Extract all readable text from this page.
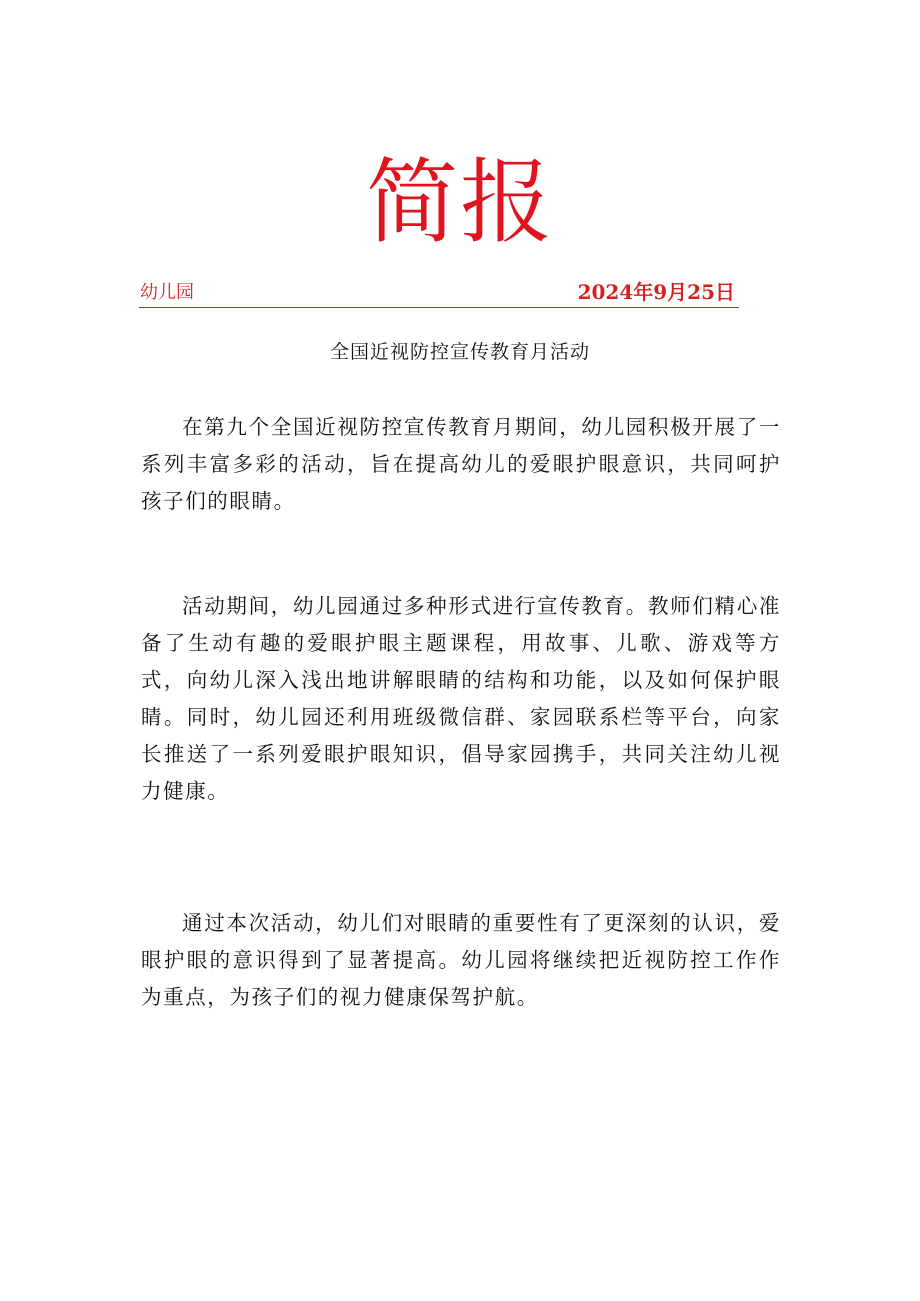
简报
幼儿园	2024年9月25日
全国近视防控宣传教育月活动

在第九个全国近视防控宣传教育月期间，幼儿园积极开展了一系列丰富多彩的活动，旨在提高幼儿的爱眼护眼意识，共同呵护孩子们的眼睛。

活动期间，幼儿园通过多种形式进行宣传教育。教师们精心准备了生动有趣的爱眼护眼主题课程，用故事、儿歌、游戏等方式，向幼儿深入浅出地讲解眼睛的结构和功能，以及如何保护眼睛。同时，幼儿园还利用班级微信群、家园联系栏等平台，向家长推送了一系列爱眼护眼知识，倡导家园携手，共同关注幼儿视力健康。

通过本次活动，幼儿们对眼睛的重要性有了更深刻的认识，爱眼护眼的意识得到了显著提高。幼儿园将继续把近视防控工作作为重点，为孩子们的视力健康保驾护航。
